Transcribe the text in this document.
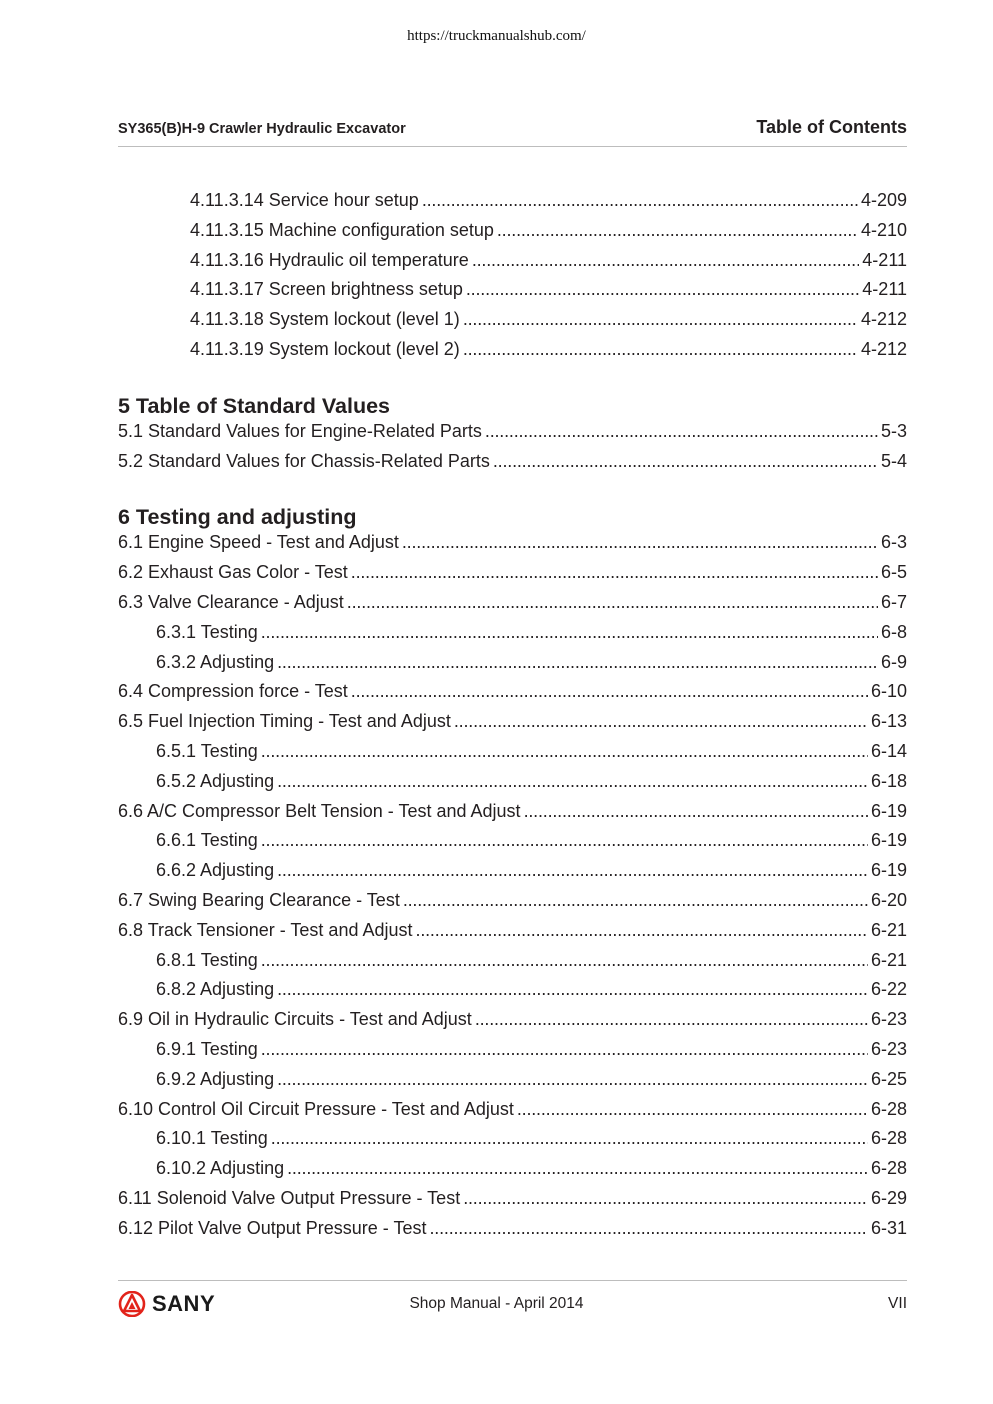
https://truckmanualshub.com/
SY365(B)H-9 Crawler Hydraulic Excavator	Table of Contents
4.11.3.14 Service hour setup . . .	4-209
4.11.3.15 Machine configuration setup . . .	4-210
4.11.3.16 Hydraulic oil temperature . . .	4-211
4.11.3.17 Screen brightness setup . . .	4-211
4.11.3.18 System lockout (level 1) . . .	4-212
4.11.3.19 System lockout (level 2) . . .	4-212
5 Table of Standard Values
5.1 Standard Values for Engine-Related Parts . . .	5-3
5.2 Standard Values for Chassis-Related Parts . . .	5-4
6 Testing and adjusting
6.1 Engine Speed - Test and Adjust . . .	6-3
6.2 Exhaust Gas Color - Test . . .	6-5
6.3 Valve Clearance - Adjust . . .	6-7
6.3.1 Testing . . .	6-8
6.3.2 Adjusting . . .	6-9
6.4 Compression force - Test . . .	6-10
6.5 Fuel Injection Timing - Test and Adjust . . .	6-13
6.5.1 Testing . . .	6-14
6.5.2 Adjusting . . .	6-18
6.6 A/C Compressor Belt Tension - Test and Adjust . . .	6-19
6.6.1 Testing . . .	6-19
6.6.2 Adjusting . . .	6-19
6.7 Swing Bearing Clearance - Test . . .	6-20
6.8 Track Tensioner - Test and Adjust . . .	6-21
6.8.1 Testing . . .	6-21
6.8.2 Adjusting . . .	6-22
6.9 Oil in Hydraulic Circuits - Test and Adjust . . .	6-23
6.9.1 Testing . . .	6-23
6.9.2 Adjusting . . .	6-25
6.10 Control Oil Circuit Pressure - Test and Adjust . . .	6-28
6.10.1 Testing . . .	6-28
6.10.2 Adjusting . . .	6-28
6.11 Solenoid Valve Output Pressure - Test . . .	6-29
6.12 Pilot Valve Output Pressure - Test . . .	6-31
SANY	Shop Manual - April 2014	VII
